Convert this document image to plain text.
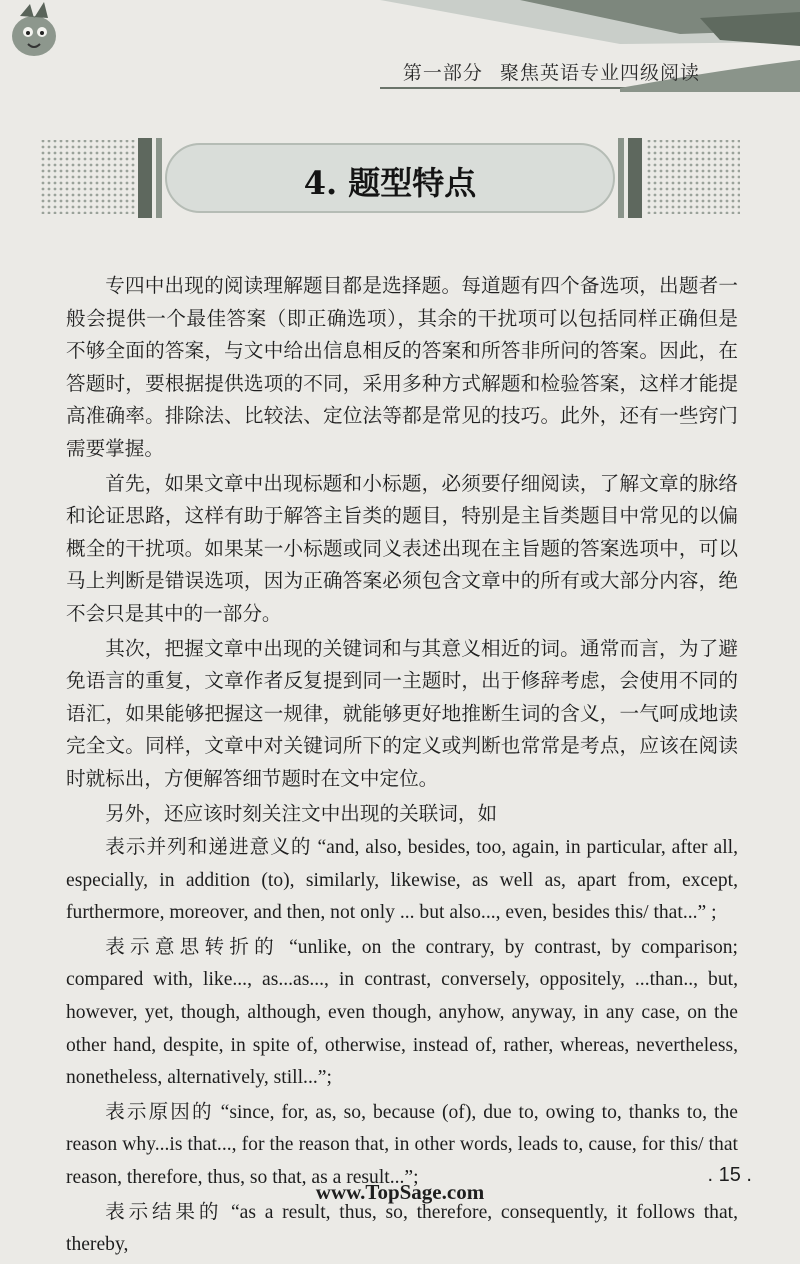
第一部分 聚焦英语专业四级阅读
4. 题型特点

专四中出现的阅读理解题目都是选择题。每道题有四个备选项，出题者一般会提供一个最佳答案（即正确选项），其余的干扰项可以包括同样正确但是不够全面的答案，与文中给出信息相反的答案和所答非所问的答案。因此，在答题时，要根据提供选项的不同，采用多种方式解题和检验答案，这样才能提高准确率。排除法、比较法、定位法等都是常见的技巧。此外，还有一些窍门需要掌握。

首先，如果文章中出现标题和小标题，必须要仔细阅读，了解文章的脉络和论证思路，这样有助于解答主旨类的题目，特别是主旨类题目中常见的以偏概全的干扰项。如果某一小标题或同义表述出现在主旨题的答案选项中，可以马上判断是错误选项，因为正确答案必须包含文章中的所有或大部分内容，绝不会只是其中的一部分。

其次，把握文章中出现的关键词和与其意义相近的词。通常而言，为了避免语言的重复，文章作者反复提到同一主题时，出于修辞考虑，会使用不同的语汇，如果能够把握这一规律，就能够更好地推断生词的含义，一气呵成地读完全文。同样，文章中对关键词所下的定义或判断也常常是考点，应该在阅读时就标出，方便解答细节题时在文中定位。

另外，还应该时刻关注文中出现的关联词，如

表示并列和递进意义的 “and, also, besides, too, again, in particular, after all, especially, in addition (to), similarly, likewise, as well as, apart from, except, furthermore, moreover, and then, not only ... but also..., even, besides this/ that...” ;

表示意思转折的 “unlike, on the contrary, by contrast, by comparison; compared with, like..., as...as..., in contrast, conversely, oppositely, ...than.., but, however, yet, though, although, even though, anyhow, anyway, in any case, on the other hand, despite, in spite of, otherwise, instead of, rather, whereas, nevertheless, nonetheless, alternatively, still...”;

表示原因的 “since, for, as, so, because (of), due to, owing to, thanks to, the reason why...is that..., for the reason that, in other words, leads to, cause, for this/ that reason, therefore, thus, so that, as a result...”;

表示结果的 “as a result, thus, so, therefore, consequently, it follows that, thereby,

. 15 .
www.TopSage.com
